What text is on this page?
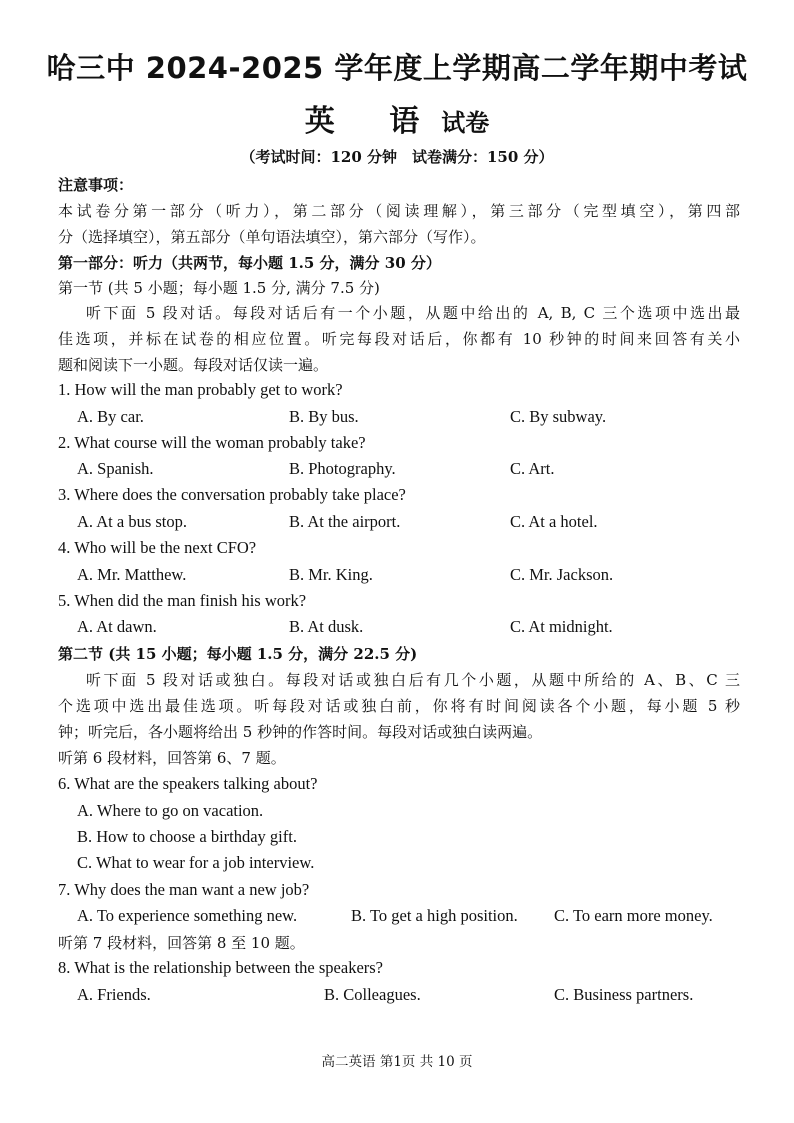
哈三中 2024-2025 学年度上学期高二学年期中考试
英 语试卷
（考试时间：120 分钟　试卷满分：150 分）
注意事项：
本试卷分第一部分（听力），第二部分（阅读理解），第三部分（完型填空），第四部
分（选择填空），第五部分（单句语法填空），第六部分（写作）。
第一部分：听力（共两节，每小题 1.5 分，满分 30 分）
第一节 (共 5 小题；每小题 1.5 分, 满分 7.5 分)
听下面 5 段对话。每段对话后有一个小题，从题中给出的 A, B, C 三个选项中选出最
佳选项，并标在试卷的相应位置。听完每段对话后，你都有 10 秒钟的时间来回答有关小
题和阅读下一小题。每段对话仅读一遍。
1. How will the man probably get to work?
A. By car.	B. By bus.	C. By subway.
2. What course will the woman probably take?
A. Spanish.	B. Photography.	C. Art.
3. Where does the conversation probably take place?
A. At a bus stop.	B. At the airport.	C. At a hotel.
4. Who will be the next CFO?
A. Mr. Matthew.	B. Mr. King.	C. Mr. Jackson.
5. When did the man finish his work?
A. At dawn.	B. At dusk.	C. At midnight.
第二节 (共 15 小题；每小题 1.5 分，满分 22.5 分)
听下面 5 段对话或独白。每段对话或独白后有几个小题，从题中所给的 A、B、C 三
个选项中选出最佳选项。听每段对话或独白前，你将有时间阅读各个小题，每小题 5 秒
钟；听完后，各小题将给出 5 秒钟的作答时间。每段对话或独白读两遍。
听第 6 段材料，回答第 6、7 题。
6. What are the speakers talking about?
A. Where to go on vacation.
B. How to choose a birthday gift.
C. What to wear for a job interview.
7. Why does the man want a new job?
A. To experience something new.	B. To get a high position. C. To earn more money.
听第 7 段材料，回答第 8 至 10 题。
8. What is the relationship between the speakers?
A. Friends.	B. Colleagues.	C. Business partners.
高二英语 第1页 共 10 页
